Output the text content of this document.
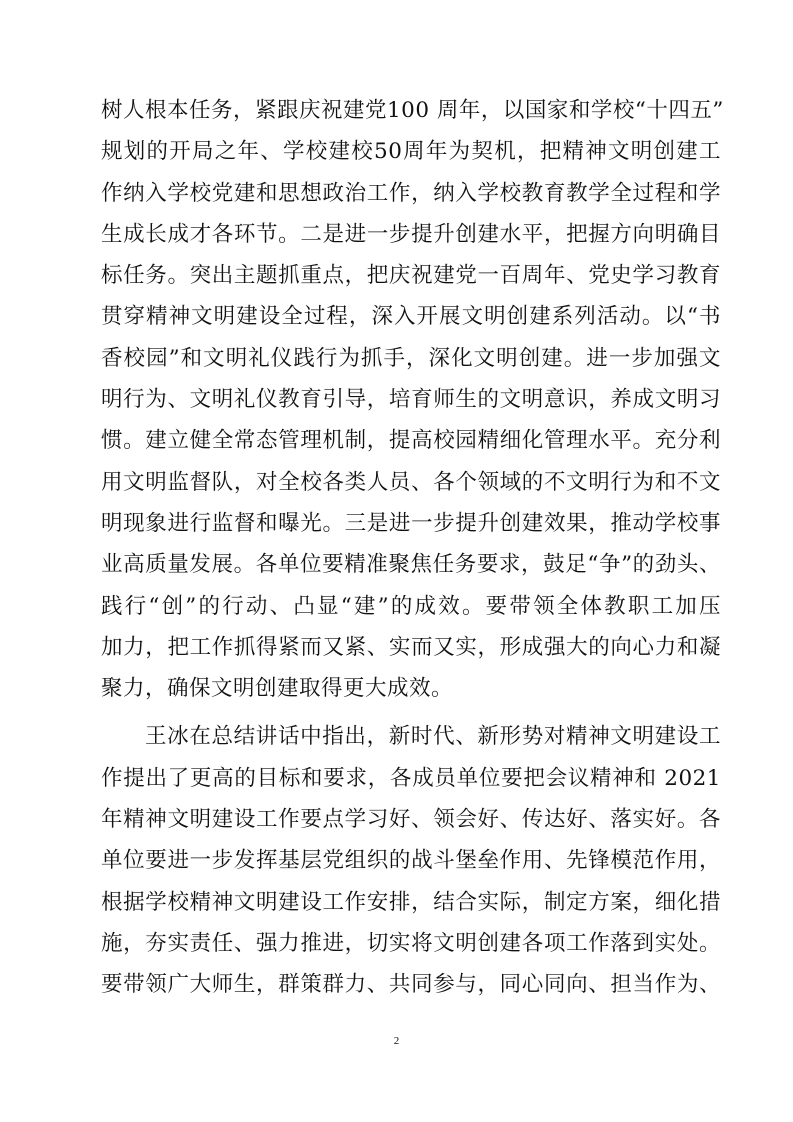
树人根本任务，紧跟庆祝建党100 周年，以国家和学校“十四五”
规划的开局之年、学校建校50周年为契机，把精神文明创建工
作纳入学校党建和思想政治工作，纳入学校教育教学全过程和学
生成长成才各环节。二是进一步提升创建水平，把握方向明确目
标任务。突出主题抓重点，把庆祝建党一百周年、党史学习教育
贯穿精神文明建设全过程，深入开展文明创建系列活动。以“书
香校园”和文明礼仪践行为抓手，深化文明创建。进一步加强文
明行为、文明礼仪教育引导，培育师生的文明意识，养成文明习
惯。建立健全常态管理机制，提高校园精细化管理水平。充分利
用文明监督队，对全校各类人员、各个领域的不文明行为和不文
明现象进行监督和曝光。三是进一步提升创建效果，推动学校事
业高质量发展。各单位要精准聚焦任务要求，鼓足“争”的劲头、
践行“创”的行动、凸显“建”的成效。要带领全体教职工加压
加力，把工作抓得紧而又紧、实而又实，形成强大的向心力和凝
聚力，确保文明创建取得更大成效。
王冰在总结讲话中指出，新时代、新形势对精神文明建设工
作提出了更高的目标和要求，各成员单位要把会议精神和 2021
年精神文明建设工作要点学习好、领会好、传达好、落实好。各
单位要进一步发挥基层党组织的战斗堡垒作用、先锋模范作用，
根据学校精神文明建设工作安排，结合实际，制定方案，细化措
施，夯实责任、强力推进，切实将文明创建各项工作落到实处。
要带领广大师生，群策群力、共同参与，同心同向、担当作为、
2
